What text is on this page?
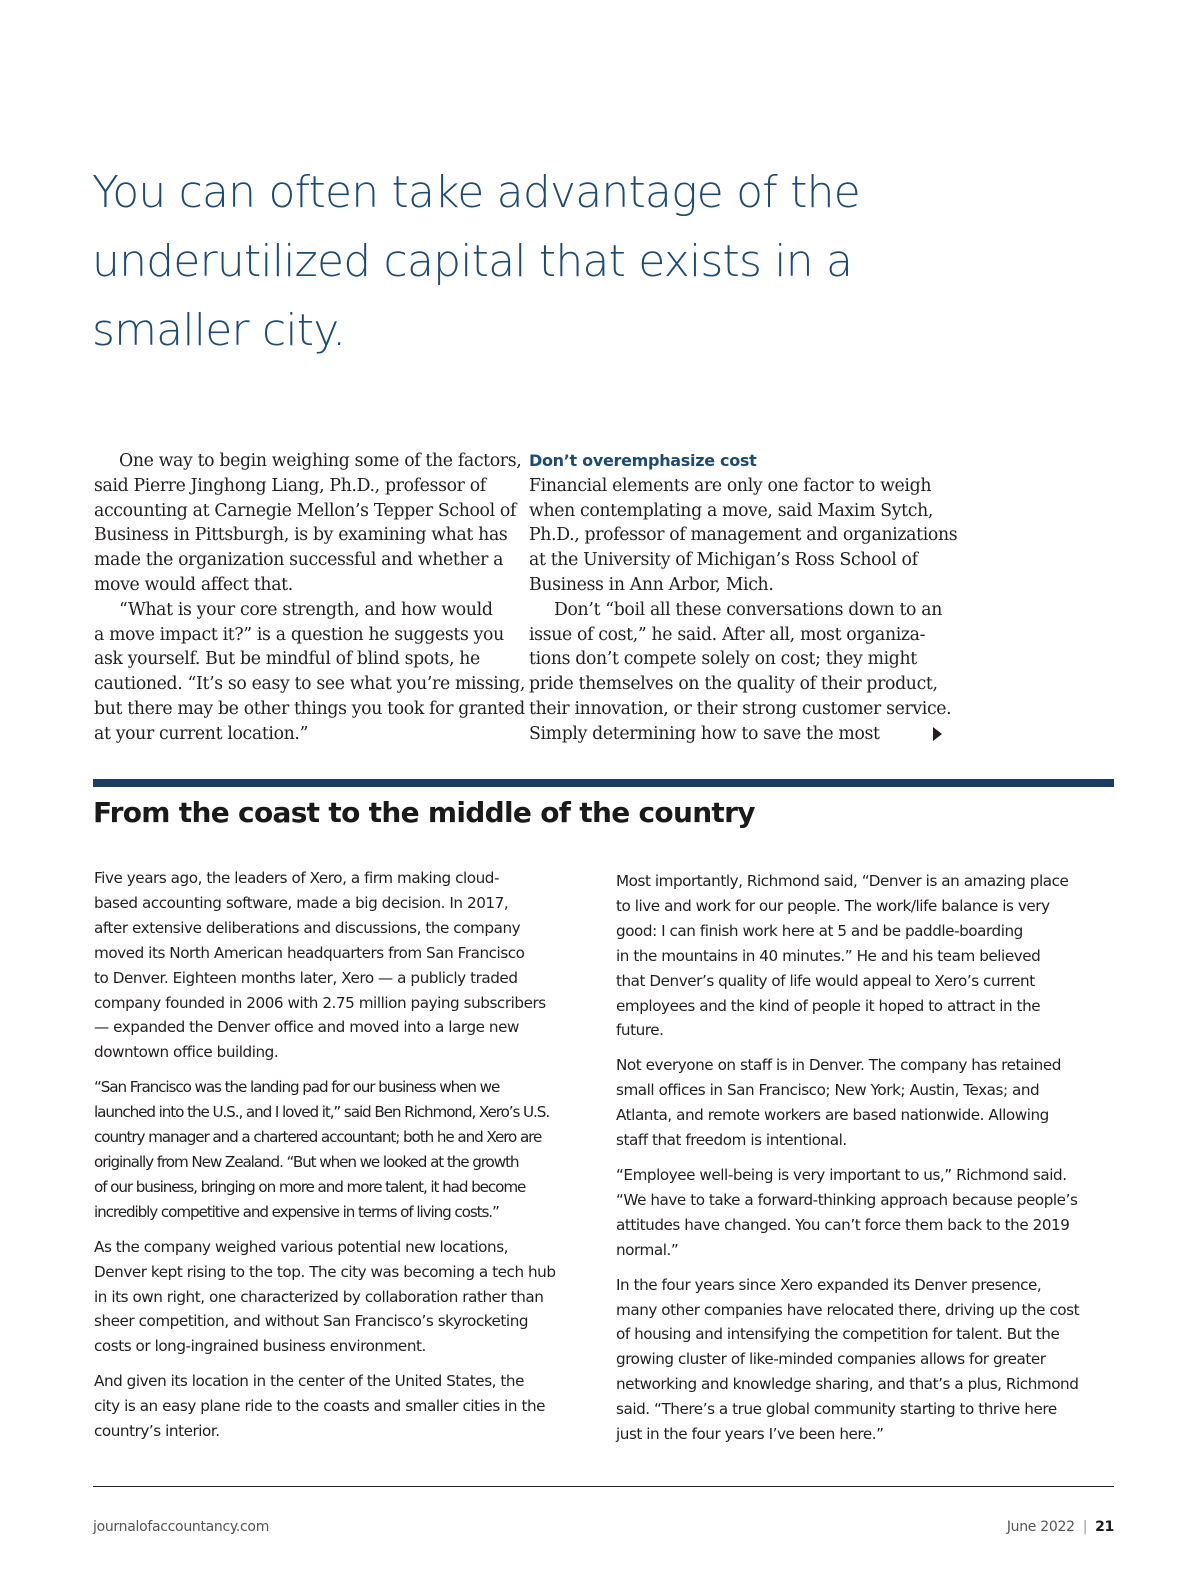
You can often take advantage of the
underutilized capital that exists in a
smaller city.
One way to begin weighing some of the factors,
said Pierre Jinghong Liang, Ph.D., professor of
accounting at Carnegie Mellon’s Tepper School of
Business in Pittsburgh, is by examining what has
made the organization successful and whether a
move would affect that.
“What is your core strength, and how would
a move impact it?” is a question he suggests you
ask yourself. But be mindful of blind spots, he
cautioned. “It’s so easy to see what you’re missing,
but there may be other things you took for granted
at your current location.”
Don’t overemphasize cost
Financial elements are only one factor to weigh
when contemplating a move, said Maxim Sytch,
Ph.D., professor of management and organizations
at the University of Michigan’s Ross School of
Business in Ann Arbor, Mich.
Don’t “boil all these conversations down to an
issue of cost,” he said. After all, most organiza-
tions don’t compete solely on cost; they might
pride themselves on the quality of their product,
their innovation, or their strong customer service.
Simply determining how to save the most
From the coast to the middle of the country
Five years ago, the leaders of Xero, a firm making cloud-
based accounting software, made a big decision. In 2017,
after extensive deliberations and discussions, the company
moved its North American headquarters from San Francisco
to Denver. Eighteen months later, Xero — a publicly traded
company founded in 2006 with 2.75 million paying subscribers
— expanded the Denver office and moved into a large new
downtown office building.
“San Francisco was the landing pad for our business when we
launched into the U.S., and I loved it,” said Ben Richmond, Xero’s U.S.
country manager and a chartered accountant; both he and Xero are
originally from New Zealand. “But when we looked at the growth
of our business, bringing on more and more talent, it had become
incredibly competitive and expensive in terms of living costs.”
As the company weighed various potential new locations,
Denver kept rising to the top. The city was becoming a tech hub
in its own right, one characterized by collaboration rather than
sheer competition, and without San Francisco’s skyrocketing
costs or long-ingrained business environment.
And given its location in the center of the United States, the
city is an easy plane ride to the coasts and smaller cities in the
country’s interior.
Most importantly, Richmond said, “Denver is an amazing place
to live and work for our people. The work/life balance is very
good: I can finish work here at 5 and be paddle-boarding
in the mountains in 40 minutes.” He and his team believed
that Denver’s quality of life would appeal to Xero’s current
employees and the kind of people it hoped to attract in the
future.
Not everyone on staff is in Denver. The company has retained
small offices in San Francisco; New York; Austin, Texas; and
Atlanta, and remote workers are based nationwide. Allowing
staff that freedom is intentional.
“Employee well-being is very important to us,” Richmond said.
“We have to take a forward-thinking approach because people’s
attitudes have changed. You can’t force them back to the 2019
normal.”
In the four years since Xero expanded its Denver presence,
many other companies have relocated there, driving up the cost
of housing and intensifying the competition for talent. But the
growing cluster of like-minded companies allows for greater
networking and knowledge sharing, and that’s a plus, Richmond
said. “There’s a true global community starting to thrive here
just in the four years I’ve been here.”
journalofaccountancy.com	June 2022 | 21
